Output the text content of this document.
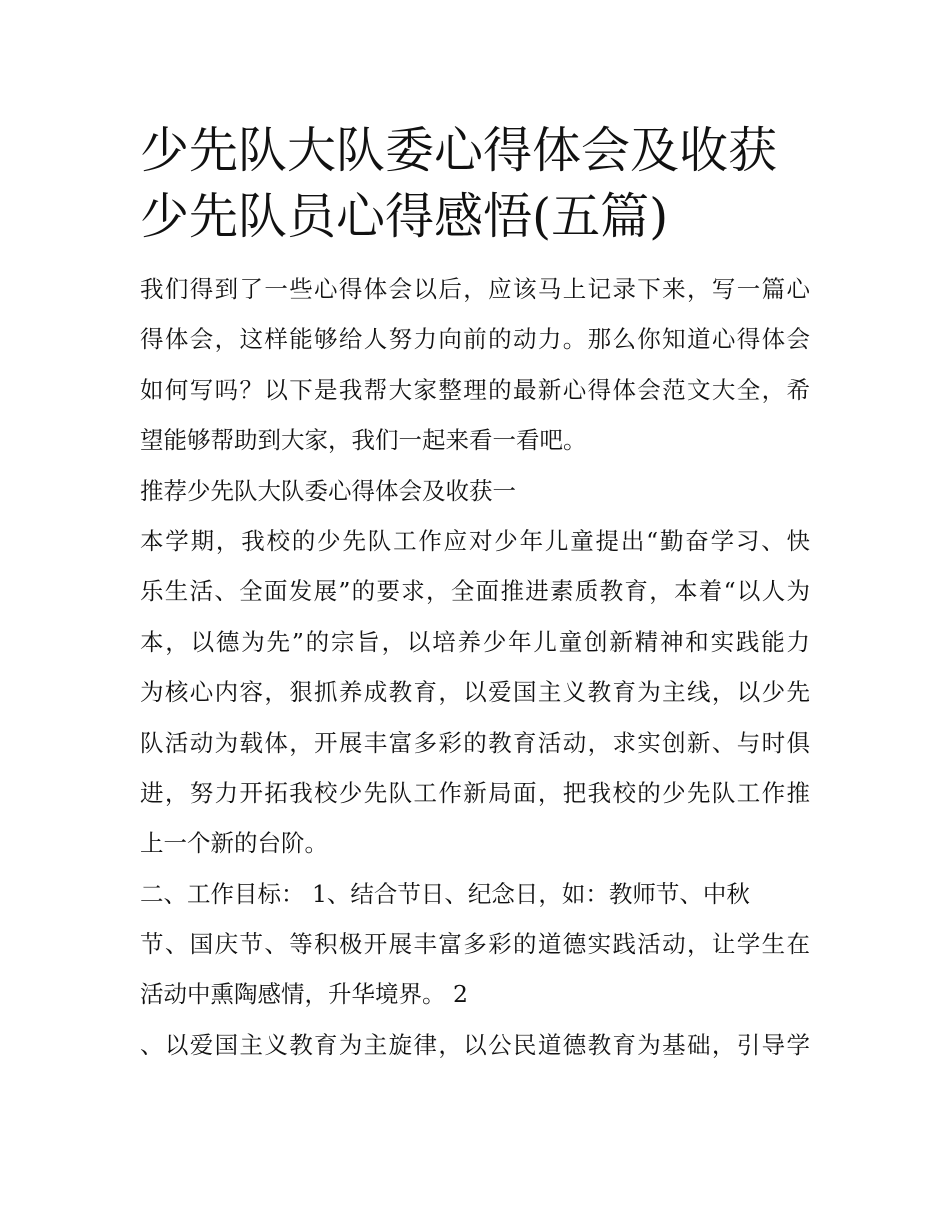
少先队大队委心得体会及收获
少先队员心得感悟(五篇)
我们得到了一些心得体会以后，应该马上记录下来，写一篇心
得体会，这样能够给人努力向前的动力。那么你知道心得体会
如何写吗？以下是我帮大家整理的最新心得体会范文大全，希
望能够帮助到大家，我们一起来看一看吧。
推荐少先队大队委心得体会及收获一
本学期，我校的少先队工作应对少年儿童提出“勤奋学习、快
乐生活、全面发展”的要求，全面推进素质教育，本着“以人为
本，以德为先”的宗旨，以培养少年儿童创新精神和实践能力
为核心内容，狠抓养成教育，以爱国主义教育为主线，以少先
队活动为载体，开展丰富多彩的教育活动，求实创新、与时俱
进，努力开拓我校少先队工作新局面，把我校的少先队工作推
上一个新的台阶。
二、工作目标： 1、结合节日、纪念日，如：教师节、中秋
节、国庆节、等积极开展丰富多彩的道德实践活动，让学生在
活动中熏陶感情，升华境界。 2
、以爱国主义教育为主旋律，以公民道德教育为基础，引导学
